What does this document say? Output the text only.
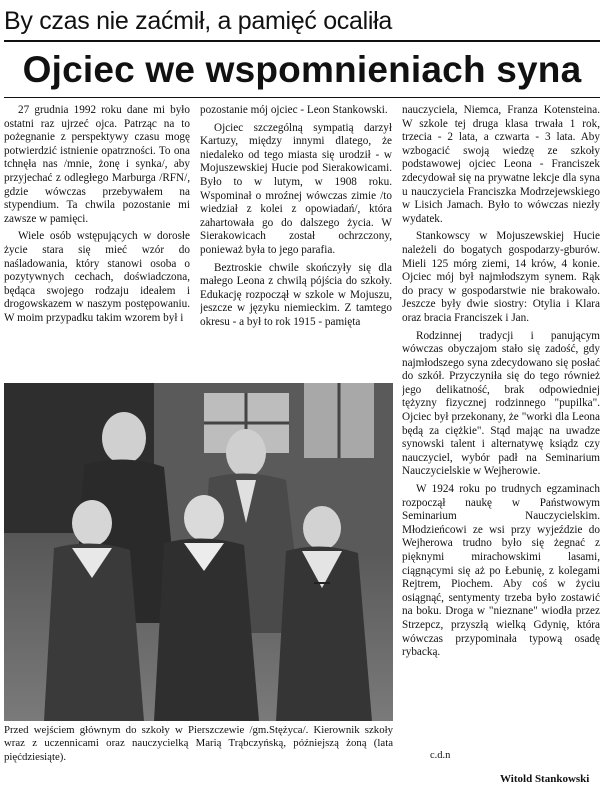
By czas nie zaćmił, a pamięć ocaliła
Ojciec we wspomnieniach syna

27 grudnia 1992 roku dane mi było ostatni raz ujrzeć ojca. Patrząc na to pożegnanie z perspektywy czasu mogę potwierdzić istnienie opatrzności. To ona tchnęła nas /mnie, żonę i synka/, aby przyjechać z odległego Marburga /RFN/, gdzie wówczas przebywałem na stypendium. Ta chwila pozostanie mi zawsze w pamięci.

Wiele osób wstępujących w dorosłe życie stara się mieć wzór do naśladowania, który stanowi osoba o pozytywnych cechach, doświadczona, będąca swojego rodzaju ideałem i drogowskazem w naszym postępowaniu. W moim przypadku takim wzorem był i

pozostanie mój ojciec - Leon Stankowski.

Ojciec szczególną sympatią darzył Kartuzy, między innymi dlatego, że niedaleko od tego miasta się urodził - w Mojuszewskiej Hucie pod Sierakowicami. Było to w lutym, w 1908 roku. Wspominał o mroźnej wówczas zimie /to wiedział z kolei z opowiadań/, która zahartowała go do dalszego życia. W Sierakowicach został ochrzczony, ponieważ była to jego parafia.

Beztroskie chwile skończyły się dla małego Leona z chwilą pójścia do szkoły. Edukację rozpoczął w szkole w Mojuszu, jeszcze w języku niemieckim. Z tamtego okresu - a był to rok 1915 - pamięta

nauczyciela, Niemca, Franza Kotensteina. W szkole tej druga klasa trwała 1 rok, trzecia - 2 lata, a czwarta - 3 lata. Aby wzbogacić swoją wiedzę ze szkoły podstawowej ojciec Leona - Franciszek zdecydował się na prywatne lekcje dla syna u nauczyciela Franciszka Modrzejewskiego w Lisich Jamach. Było to wówczas niezły wydatek.

Stankowscy w Mojuszewskiej Hucie należeli do bogatych gospodarzy-gburów. Mieli 125 mórg ziemi, 14 krów, 4 konie. Ojciec mój był najmłodszym synem. Rąk do pracy w gospodarstwie nie brakowało. Jeszcze były dwie siostry: Otylia i Klara oraz bracia Franciszek i Jan.

Rodzinnej tradycji i panującym wówczas obyczajom stało się zadość, gdy najmłodszego syna zdecydowano się posłać do szkół. Przyczyniła się do tego również jego delikatność, brak odpowiedniej tężyzny fizycznej rodzinnego "pupilka". Ojciec był przekonany, że "worki dla Leona będą za ciężkie". Stąd mając na uwadze synowski talent i alternatywę ksiądz czy nauczyciel, wybór padł na Seminarium Nauczycielskie w Wejherowie.

W 1924 roku po trudnych egzaminach rozpoczął naukę w Państwowym Seminarium Nauczycielskim. Młodzieńcowi ze wsi przy wyjeździe do Wejherowa trudno było się żegnać z pięknymi mirachowskimi lasami, ciągnącymi się aż po Łebunię, z kolegami Rejtrem, Piochem. Aby coś w życiu osiągnąć, sentymenty trzeba było zostawić na boku. Droga w "nieznane" wiodła przez Strzepcz, przyszłą wielką Gdynię, która wówczas przypominała typową osadę rybacką.

Przed wejściem głównym do szkoły w Pierszczewie /gm.Stężyca/. Kierownik szkoły wraz z uczennicami oraz nauczycielką Marią Trąbczyńską, późniejszą żoną (lata pięćdziesiąte).	c.d.n
Witold Stankowski
